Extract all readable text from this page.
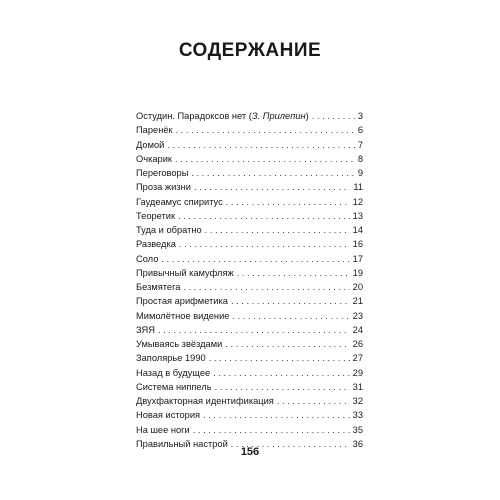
СОДЕРЖАНИЕ
Остудин. Парадоксов нет (З. Прилепин) . . .	3
Паренёк . . .	6
Домой . . .	7
Очкарик . . .	8
Переговоры . . .	9
Проза жизни . . .	11
Гаудеамус спиритус . . .	12
Теоретик . . .	13
Туда и обратно . . .	14
Разведка . . .	16
Соло . . .	17
Привычный камуфляж . . .	19
Безмятега . . .	20
Простая арифметика . . .	21
Мимолётное видение . . .	23
ЗЯЯ . . .	24
Умываясь звёздами . . .	26
Заполярье 1990 . . .	27
Назад в будущее . . .	29
Система ниппель . . .	31
Двухфакторная идентификация . . .	32
Новая история . . .	33
На шее ноги . . .	35
Правильный настрой . . .	36
156
